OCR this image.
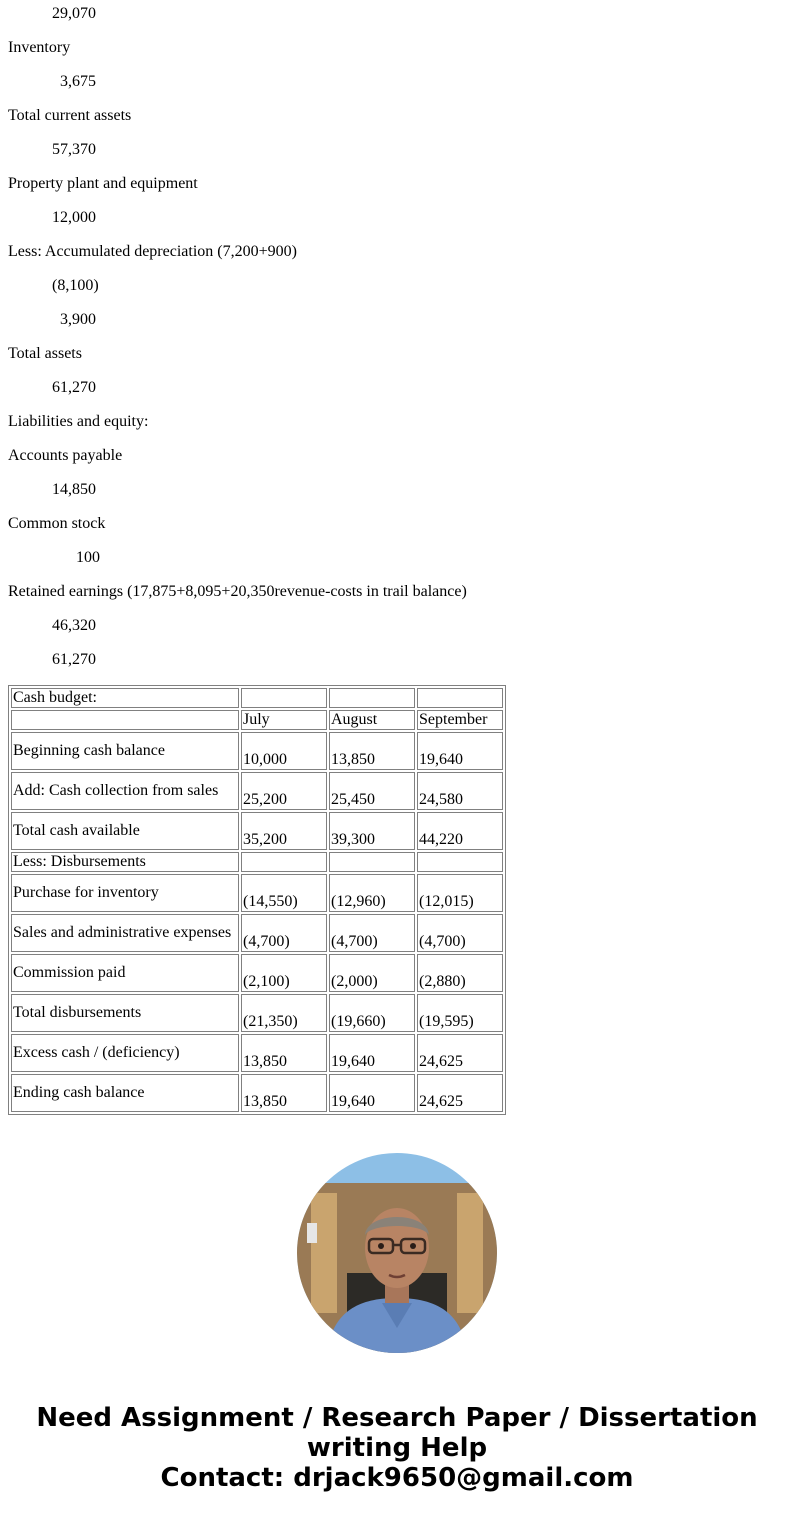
29,070
Inventory
3,675
Total current assets
57,370
Property plant and equipment
12,000
Less: Accumulated depreciation (7,200+900)
(8,100)
3,900
Total assets
61,270
Liabilities and equity:
Accounts payable
14,850
Common stock
100
Retained earnings (17,875+8,095+20,350revenue-costs in trail balance)
46,320
61,270
Cash budget:			
	July	August	September
Beginning cash balance	10,000	13,850	19,640
Add: Cash collection from sales	25,200	25,450	24,580
Total cash available	35,200	39,300	44,220
Less: Disbursements			
Purchase for inventory	(14,550)	(12,960)	(12,015)
Sales and administrative expenses	(4,700)	(4,700)	(4,700)
Commission paid	(2,100)	(2,000)	(2,880)
Total disbursements	(21,350)	(19,660)	(19,595)
Excess cash / (deficiency)	13,850	19,640	24,625
Ending cash balance	13,850	19,640	24,625
Need Assignment / Research Paper / Dissertation
writing Help
Contact: drjack9650@gmail.com
